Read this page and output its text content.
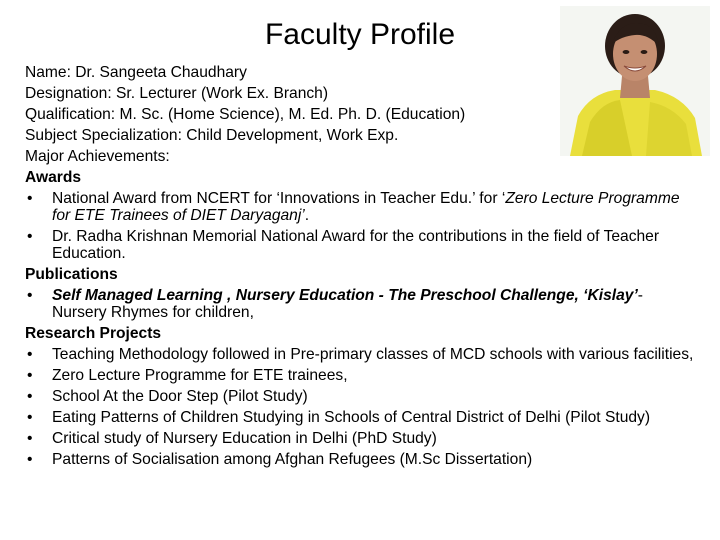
Faculty Profile
Name: Dr. Sangeeta Chaudhary
Designation: Sr. Lecturer (Work Ex. Branch)
Qualification: M. Sc. (Home Science), M. Ed. Ph. D. (Education)
Subject Specialization: Child Development, Work Exp.
Major Achievements:
Awards
• National Award from NCERT for ‘Innovations in Teacher Edu.’ for ‘Zero Lecture Programme for ETE Trainees of DIET Daryaganj’.
• Dr. Radha Krishnan Memorial National Award for the contributions in the field of Teacher Education.
Publications
• Self Managed Learning , Nursery Education - The Preschool Challenge, ‘Kislay’-Nursery Rhymes for children,
Research Projects
• Teaching Methodology followed in Pre-primary classes of MCD schools with various facilities,
• Zero Lecture Programme for ETE trainees,
• School At the Door Step (Pilot Study)
• Eating Patterns of Children Studying in Schools of Central District of Delhi (Pilot Study)
• Critical study of Nursery Education in Delhi (PhD Study)
• Patterns of Socialisation among Afghan Refugees (M.Sc Dissertation)
